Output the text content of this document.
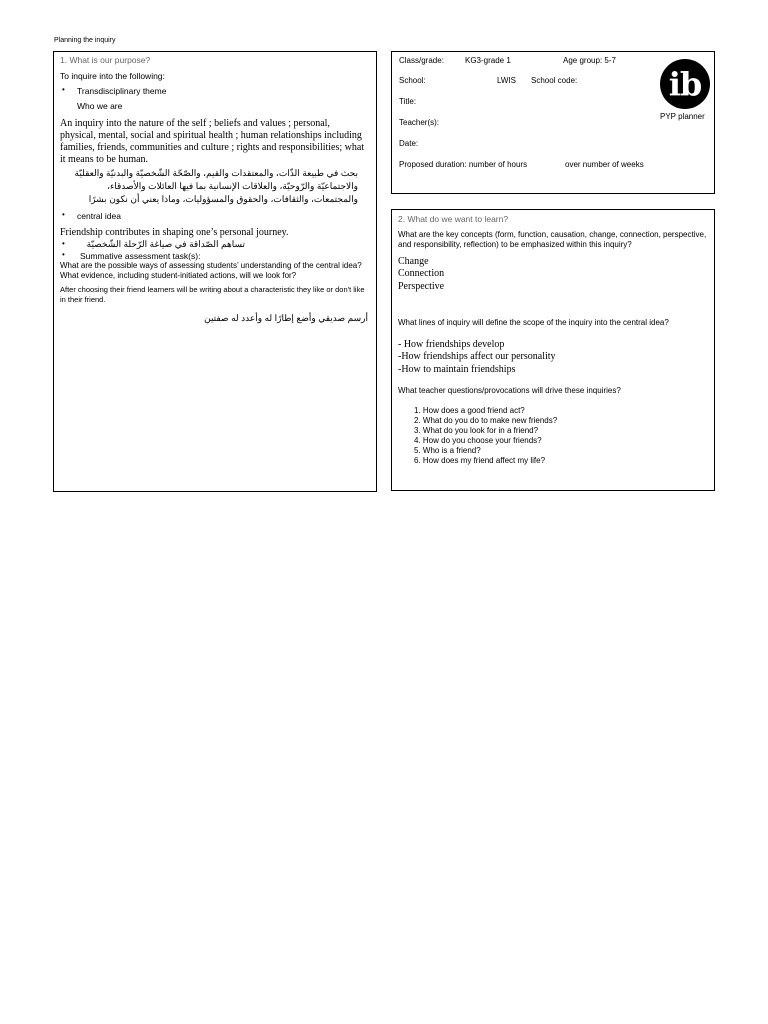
Planning the inquiry
1. What is our purpose?
To inquire into the following:
• Transdisciplinary theme
Who we are
An inquiry into the nature of the self ; beliefs and values ; personal, physical, mental, social and spiritual health ; human relationships including families, friends, communities and culture ; rights and responsibilities; what it means to be human.
بحث في طبيعة الذّات، والمعتقدات والقيم، والصّحّة الشّخصيّة والبدنيّة والعقليّة
والاجتماعيّة والرّوحيّة، والعلاقات الإنسانية بما فيها العائلات والأصدقاء،
والمجتمعات، والثقافات، والحقوق والمسؤوليات، وماذا يعني أن نكون بشرًا
• central idea
Friendship contributes in shaping one’s personal journey.
• تساهم الصّداقة في صياغة الرّحلة الشّخصيّة
• Summative assessment task(s):
What are the possible ways of assessing students’ understanding of the central idea? What evidence, including student-initiated actions, will we look for?
After choosing their friend learners will be writing about a characteristic they like or don't like in their friend.
أرسم صديقي وأضع إطارًا له وأعدد له صفتين
Class/grade:	KG3-grade 1	Age group: 5-7
School:	LWIS School code:
Title:
Teacher(s):
Date:
Proposed duration: number of hours	over number of weeks
ib
PYP planner
2. What do we want to learn?
What are the key concepts (form, function, causation, change, connection, perspective, and responsibility, reflection) to be emphasized within this inquiry?
Change
Connection
Perspective
What lines of inquiry will define the scope of the inquiry into the central idea?
- How friendships develop
-How friendships affect our personality
-How to maintain friendships
What teacher questions/provocations will drive these inquiries?
1. How does a good friend act?
2. What do you do to make new friends?
3. What do you look for in a friend?
4. How do you choose your friends?
5. Who is a friend?
6. How does my friend affect my life?
